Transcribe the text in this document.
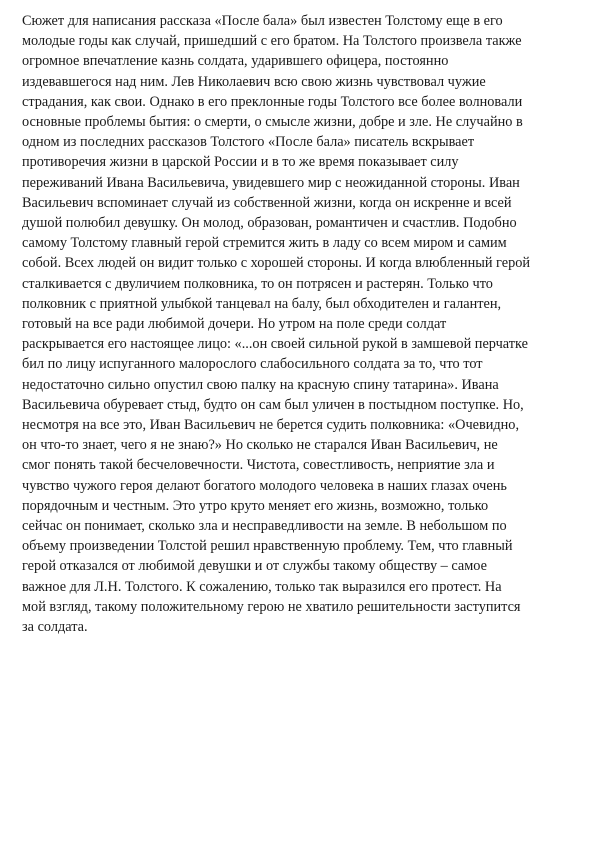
Сюжет для написания рассказа «После бала» был известен Толстому еще в его
молодые годы как случай, пришедший с его братом. На Толстого произвела также
огромное впечатление казнь солдата, ударившего офицера, постоянно
издевавшегося над ним. Лев Николаевич всю свою жизнь чувствовал чужие
страдания, как свои. Однако в его преклонные годы Толстого все более волновали
основные проблемы бытия: о смерти, о смысле жизни, добре и зле. Не случайно в
одном из последних рассказов Толстого «После бала» писатель вскрывает
противоречия жизни в царской России и в то же время показывает силу
переживаний Ивана Васильевича, увидевшего мир с неожиданной стороны. Иван
Васильевич вспоминает случай из собственной жизни, когда он искренне и всей
душой полюбил девушку. Он молод, образован, романтичен и счастлив. Подобно
самому Толстому главный герой стремится жить в ладу со всем миром и самим
собой. Всех людей он видит только с хорошей стороны. И когда влюбленный герой
сталкивается с двуличием полковника, то он потрясен и растерян. Только что
полковник с приятной улыбкой танцевал на балу, был обходителен и галантен,
готовый на все ради любимой дочери. Но утром на поле среди солдат
раскрывается его настоящее лицо: «...он своей сильной рукой в замшевой перчатке
бил по лицу испуганного малорослого слабосильного солдата за то, что тот
недостаточно сильно опустил свою палку на красную спину татарина». Ивана
Васильевича обуревает стыд, будто он сам был уличен в постыдном поступке. Но,
несмотря на все это, Иван Васильевич не берется судить полковника: «Очевидно,
он что-то знает, чего я не знаю?» Но сколько не старался Иван Васильевич, не
смог понять такой бесчеловечности. Чистота, совестливость, неприятие зла и
чувство чужого героя делают богатого молодого человека в наших глазах очень
порядочным и честным. Это утро круто меняет его жизнь, возможно, только
сейчас он понимает, сколько зла и несправедливости на земле. В небольшом по
объему произведении Толстой решил нравственную проблему. Тем, что главный
герой отказался от любимой девушки и от службы такому обществу – самое
важное для Л.Н. Толстого. К сожалению, только так выразился его протест. На
мой взгляд, такому положительному герою не хватило решительности заступится
за солдата.
